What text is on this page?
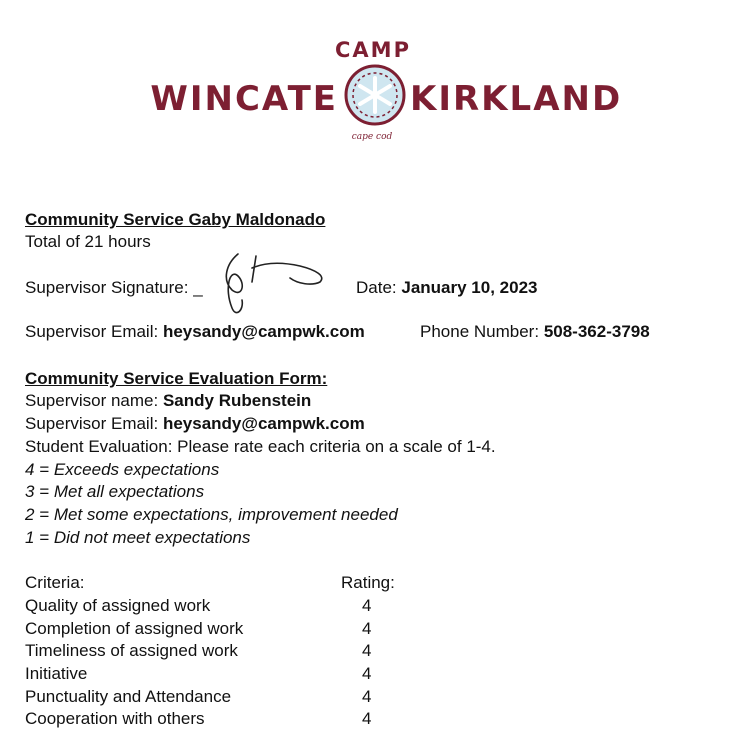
CAMP
WINCATE KIRKLAND
cape cod
Community Service Gaby Maldonado
Total of 21 hours
Supervisor Signature: _	Date: January 10, 2023
Supervisor Email: heysandy@campwk.com	Phone Number: 508-362-3798
Community Service Evaluation Form:
Supervisor name: Sandy Rubenstein
Supervisor Email: heysandy@campwk.com
Student Evaluation: Please rate each criteria on a scale of 1-4.
4 = Exceeds expectations
3 = Met all expectations
2 = Met some expectations, improvement needed
1 = Did not meet expectations
Criteria:	Rating:
Quality of assigned work	4
Completion of assigned work	4
Timeliness of assigned work	4
Initiative	4
Punctuality and Attendance	4
Cooperation with others	4
